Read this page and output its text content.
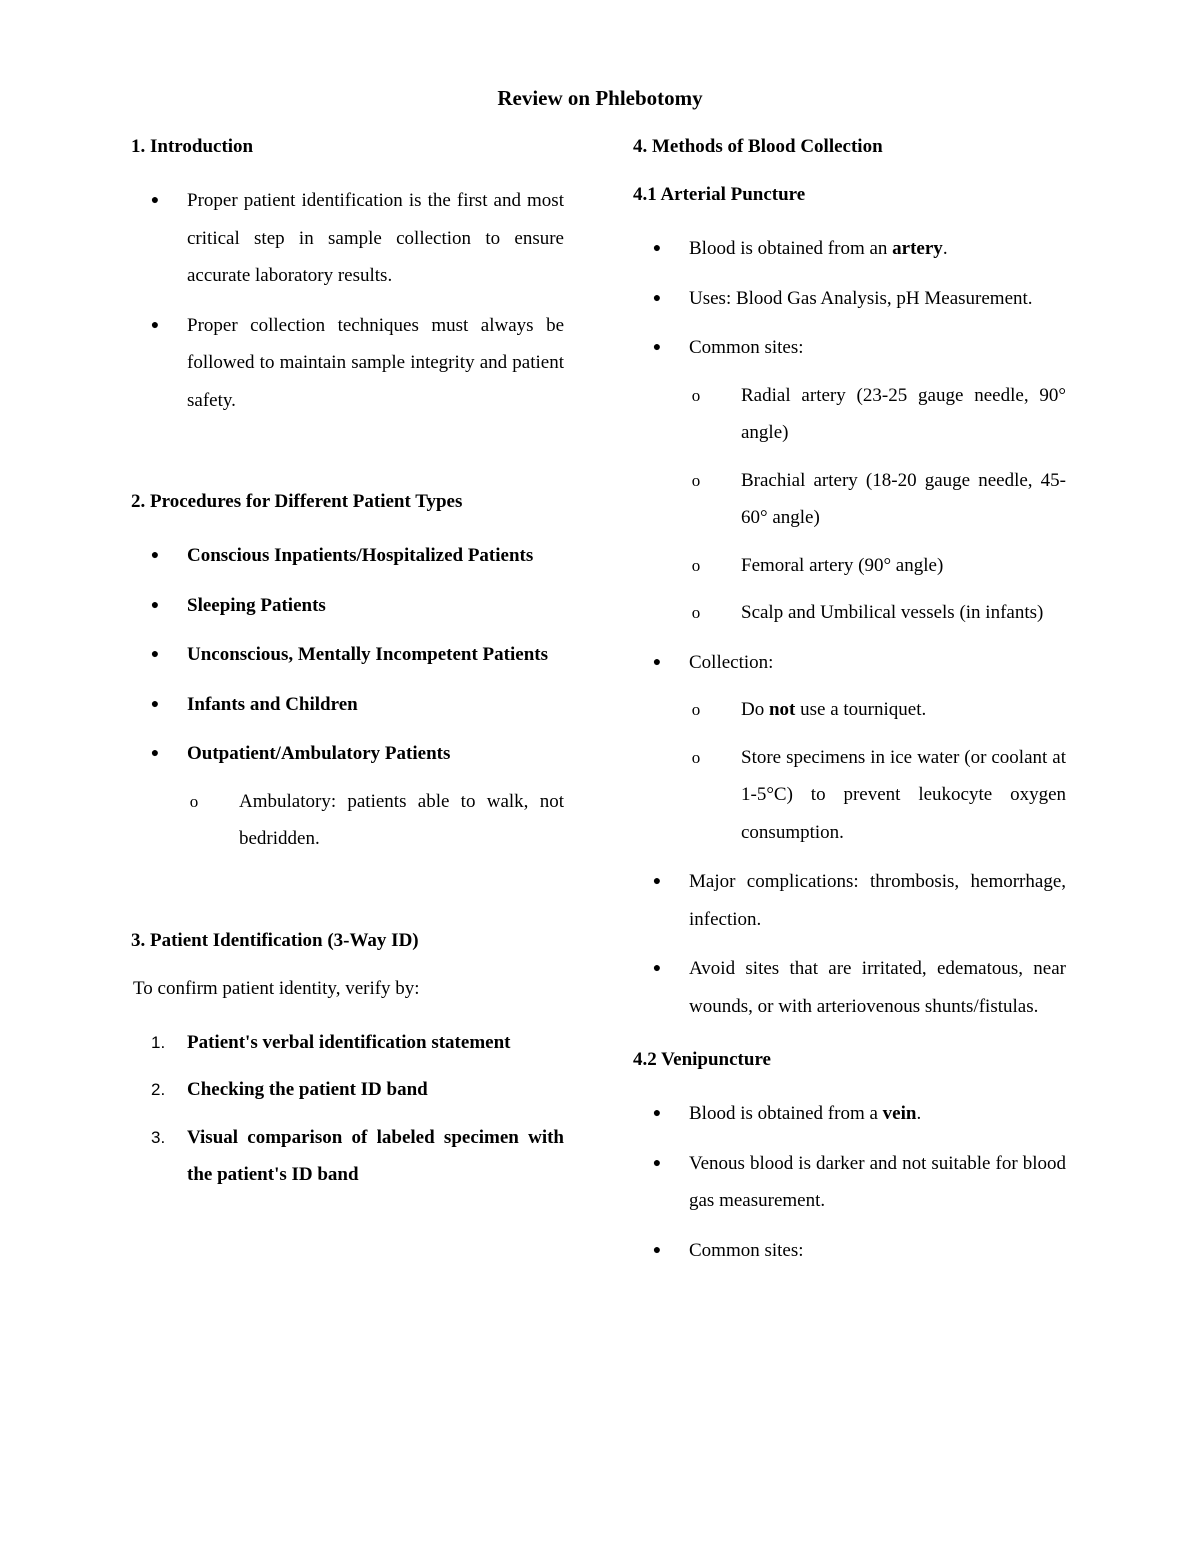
Review on Phlebotomy
1. Introduction
● Proper patient identification is the first and most critical step in sample collection to ensure accurate laboratory results.
● Proper collection techniques must always be followed to maintain sample integrity and patient safety.
2. Procedures for Different Patient Types
● Conscious Inpatients/Hospitalized Patients
● Sleeping Patients
● Unconscious, Mentally Incompetent Patients
● Infants and Children
● Outpatient/Ambulatory Patients
o Ambulatory: patients able to walk, not bedridden.
3. Patient Identification (3-Way ID)

To confirm patient identity, verify by:

1. Patient's verbal identification statement
2. Checking the patient ID band
3. Visual comparison of labeled specimen with the patient's ID band
4. Methods of Blood Collection
4.1 Arterial Puncture
● Blood is obtained from an artery.
● Uses: Blood Gas Analysis, pH Measurement.
● Common sites:
o Radial artery (23-25 gauge needle, 90° angle)
o Brachial artery (18-20 gauge needle, 45-60° angle)
o Femoral artery (90° angle)
o Scalp and Umbilical vessels (in infants)
● Collection:
o Do not use a tourniquet.
o Store specimens in ice water (or coolant at 1-5°C) to prevent leukocyte oxygen consumption.
● Major complications: thrombosis, hemorrhage, infection.
● Avoid sites that are irritated, edematous, near wounds, or with arteriovenous shunts/fistulas.
4.2 Venipuncture
● Blood is obtained from a vein.
● Venous blood is darker and not suitable for blood gas measurement.
● Common sites:
